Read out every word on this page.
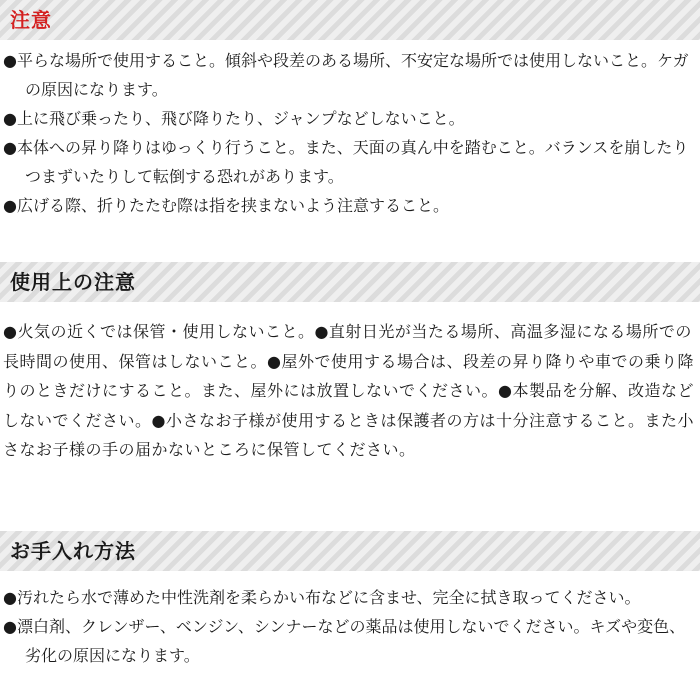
注意
●平らな場所で使用すること。傾斜や段差のある場所、不安定な場所では使用しないこと。ケガの原因になります。
●上に飛び乗ったり、飛び降りたり、ジャンプなどしないこと。
●本体への昇り降りはゆっくり行うこと。また、天面の真ん中を踏むこと。バランスを崩したりつまずいたりして転倒する恐れがあります。
●広げる際、折りたたむ際は指を挟まないよう注意すること。
使用上の注意

●火気の近くでは保管・使用しないこと。●直射日光が当たる場所、高温多湿になる場所での長時間の使用、保管はしないこと。●屋外で使用する場合は、段差の昇り降りや車での乗り降りのときだけにすること。また、屋外には放置しないでください。●本製品を分解、改造などしないでください。●小さなお子様が使用するときは保護者の方は十分注意すること。また小さなお子様の手の届かないところに保管してください。

お手入れ方法
●汚れたら水で薄めた中性洗剤を柔らかい布などに含ませ、完全に拭き取ってください。
●漂白剤、クレンザー、ベンジン、シンナーなどの薬品は使用しないでください。キズや変色、劣化の原因になります。
